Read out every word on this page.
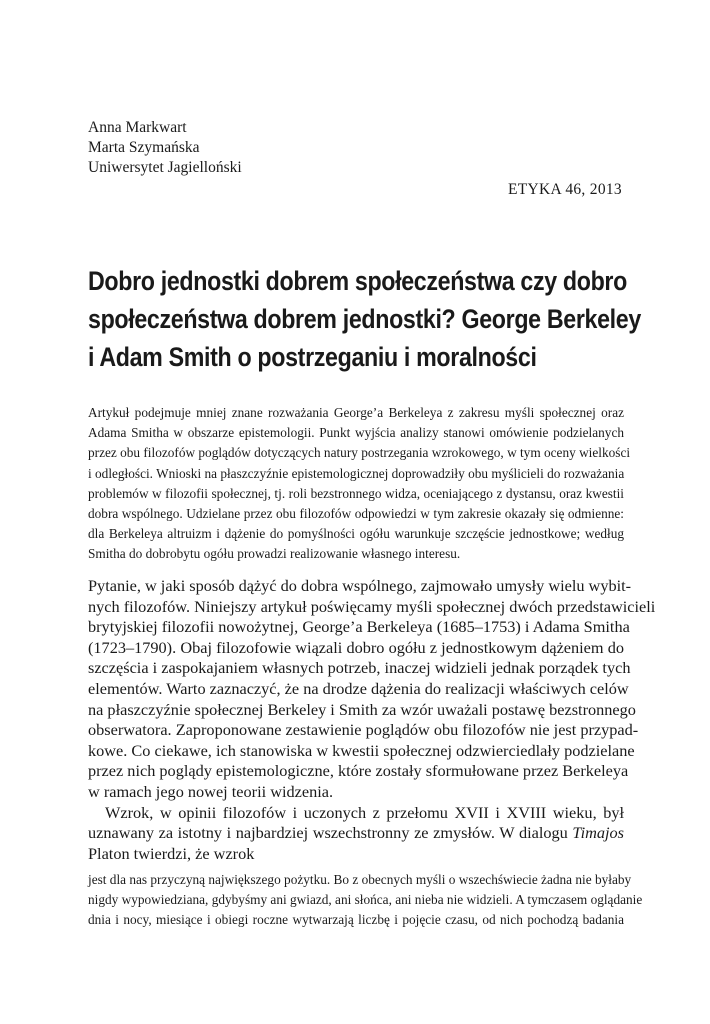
Anna Markwart
Marta Szymańska
Uniwersytet Jagielloński
ETYKA 46, 2013
Dobro jednostki dobrem społeczeństwa czy dobro
społeczeństwa dobrem jednostki? George Berkeley
i Adam Smith o postrzeganiu i moralności
Artykuł podejmuje mniej znane rozważania George’a Berkeleya z zakresu myśli społecznej oraz
Adama Smitha w obszarze epistemologii. Punkt wyjścia analizy stanowi omówienie podzielanych
przez obu filozofów poglądów dotyczących natury postrzegania wzrokowego, w tym oceny wielkości
i odległości. Wnioski na płaszczyźnie epistemologicznej doprowadziły obu myślicieli do rozważania
problemów w filozofii społecznej, tj. roli bezstronnego widza, oceniającego z dystansu, oraz kwestii
dobra wspólnego. Udzielane przez obu filozofów odpowiedzi w tym zakresie okazały się odmienne:
dla Berkeleya altruizm i dążenie do pomyślności ogółu warunkuje szczęście jednostkowe; według
Smitha do dobrobytu ogółu prowadzi realizowanie własnego interesu.
Pytanie, w jaki sposób dążyć do dobra wspólnego, zajmowało umysły wielu wybit-
nych filozofów. Niniejszy artykuł poświęcamy myśli społecznej dwóch przedstawicieli
brytyjskiej filozofii nowożytnej, George’a Berkeleya (1685–1753) i Adama Smitha
(1723–1790). Obaj filozofowie wiązali dobro ogółu z jednostkowym dążeniem do
szczęścia i zaspokajaniem własnych potrzeb, inaczej widzieli jednak porządek tych
elementów. Warto zaznaczyć, że na drodze dążenia do realizacji właściwych celów
na płaszczyźnie społecznej Berkeley i Smith za wzór uważali postawę bezstronnego
obserwatora. Zaproponowane zestawienie poglądów obu filozofów nie jest przypad-
kowe. Co ciekawe, ich stanowiska w kwestii społecznej odzwierciedlały podzielane
przez nich poglądy epistemologiczne, które zostały sformułowane przez Berkeleya
w ramach jego nowej teorii widzenia.
Wzrok, w opinii filozofów i uczonych z przełomu XVII i XVIII wieku, był
uznawany za istotny i najbardziej wszechstronny ze zmysłów. W dialogu Timajos
Platon twierdzi, że wzrok
jest dla nas przyczyną największego pożytku. Bo z obecnych myśli o wszechświecie żadna nie byłaby
nigdy wypowiedziana, gdybyśmy ani gwiazd, ani słońca, ani nieba nie widzieli. A tymczasem oglądanie
dnia i nocy, miesiące i obiegi roczne wytwarzają liczbę i pojęcie czasu, od nich pochodzą badania
